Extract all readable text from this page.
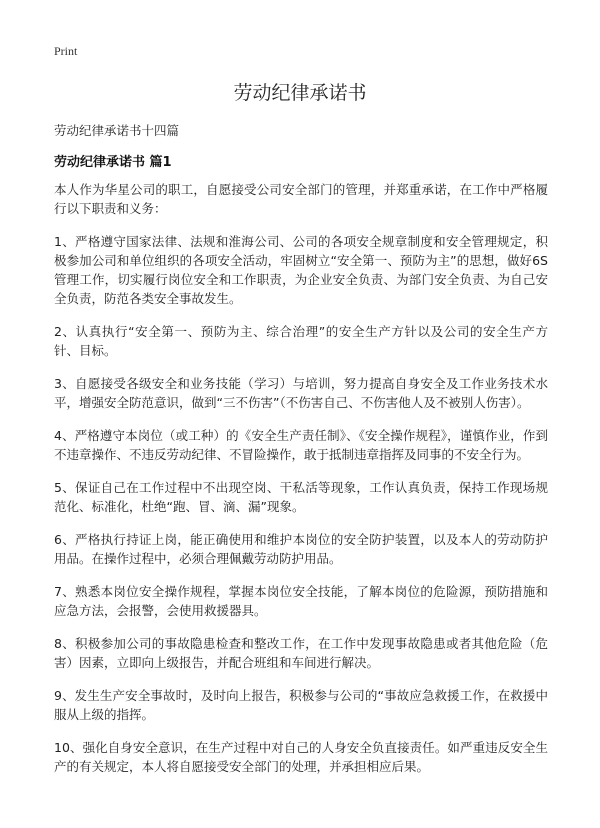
Print
劳动纪律承诺书
劳动纪律承诺书十四篇
劳动纪律承诺书 篇1

本人作为华星公司的职工，自愿接受公司安全部门的管理，并郑重承诺，在工作中严格履行以下职责和义务：

1、严格遵守国家法律、法规和淮海公司、公司的各项安全规章制度和安全管理规定，积极参加公司和单位组织的各项安全活动，牢固树立“安全第一、预防为主”的思想，做好6S管理工作，切实履行岗位安全和工作职责，为企业安全负责、为部门安全负责、为自己安全负责，防范各类安全事故发生。

2、认真执行“安全第一、预防为主、综合治理”的安全生产方针以及公司的安全生产方针、目标。

3、自愿接受各级安全和业务技能（学习）与培训，努力提高自身安全及工作业务技术水平，增强安全防范意识，做到“三不伤害”（不伤害自己、不伤害他人及不被别人伤害）。

4、严格遵守本岗位（或工种）的《安全生产责任制》、《安全操作规程》，谨慎作业，作到不违章操作、不违反劳动纪律、不冒险操作，敢于抵制违章指挥及同事的不安全行为。

5、保证自己在工作过程中不出现空岗、干私活等现象，工作认真负责，保持工作现场规范化、标准化，杜绝“跑、冒、滴、漏”现象。

6、严格执行持证上岗，能正确使用和维护本岗位的安全防护装置，以及本人的劳动防护用品。在操作过程中，必须合理佩戴劳动防护用品。

7、熟悉本岗位安全操作规程，掌握本岗位安全技能，了解本岗位的危险源，预防措施和应急方法，会报警，会使用救援器具。

8、积极参加公司的事故隐患检查和整改工作，在工作中发现事故隐患或者其他危险（危害）因素，立即向上级报告，并配合班组和车间进行解决。

9、发生生产安全事故时，及时向上报告，积极参与公司的“事故应急救援工作，在救援中服从上级的指挥。

10、强化自身安全意识，在生产过程中对自己的人身安全负直接责任。如严重违反安全生产的有关规定，本人将自愿接受安全部门的处理，并承担相应后果。
